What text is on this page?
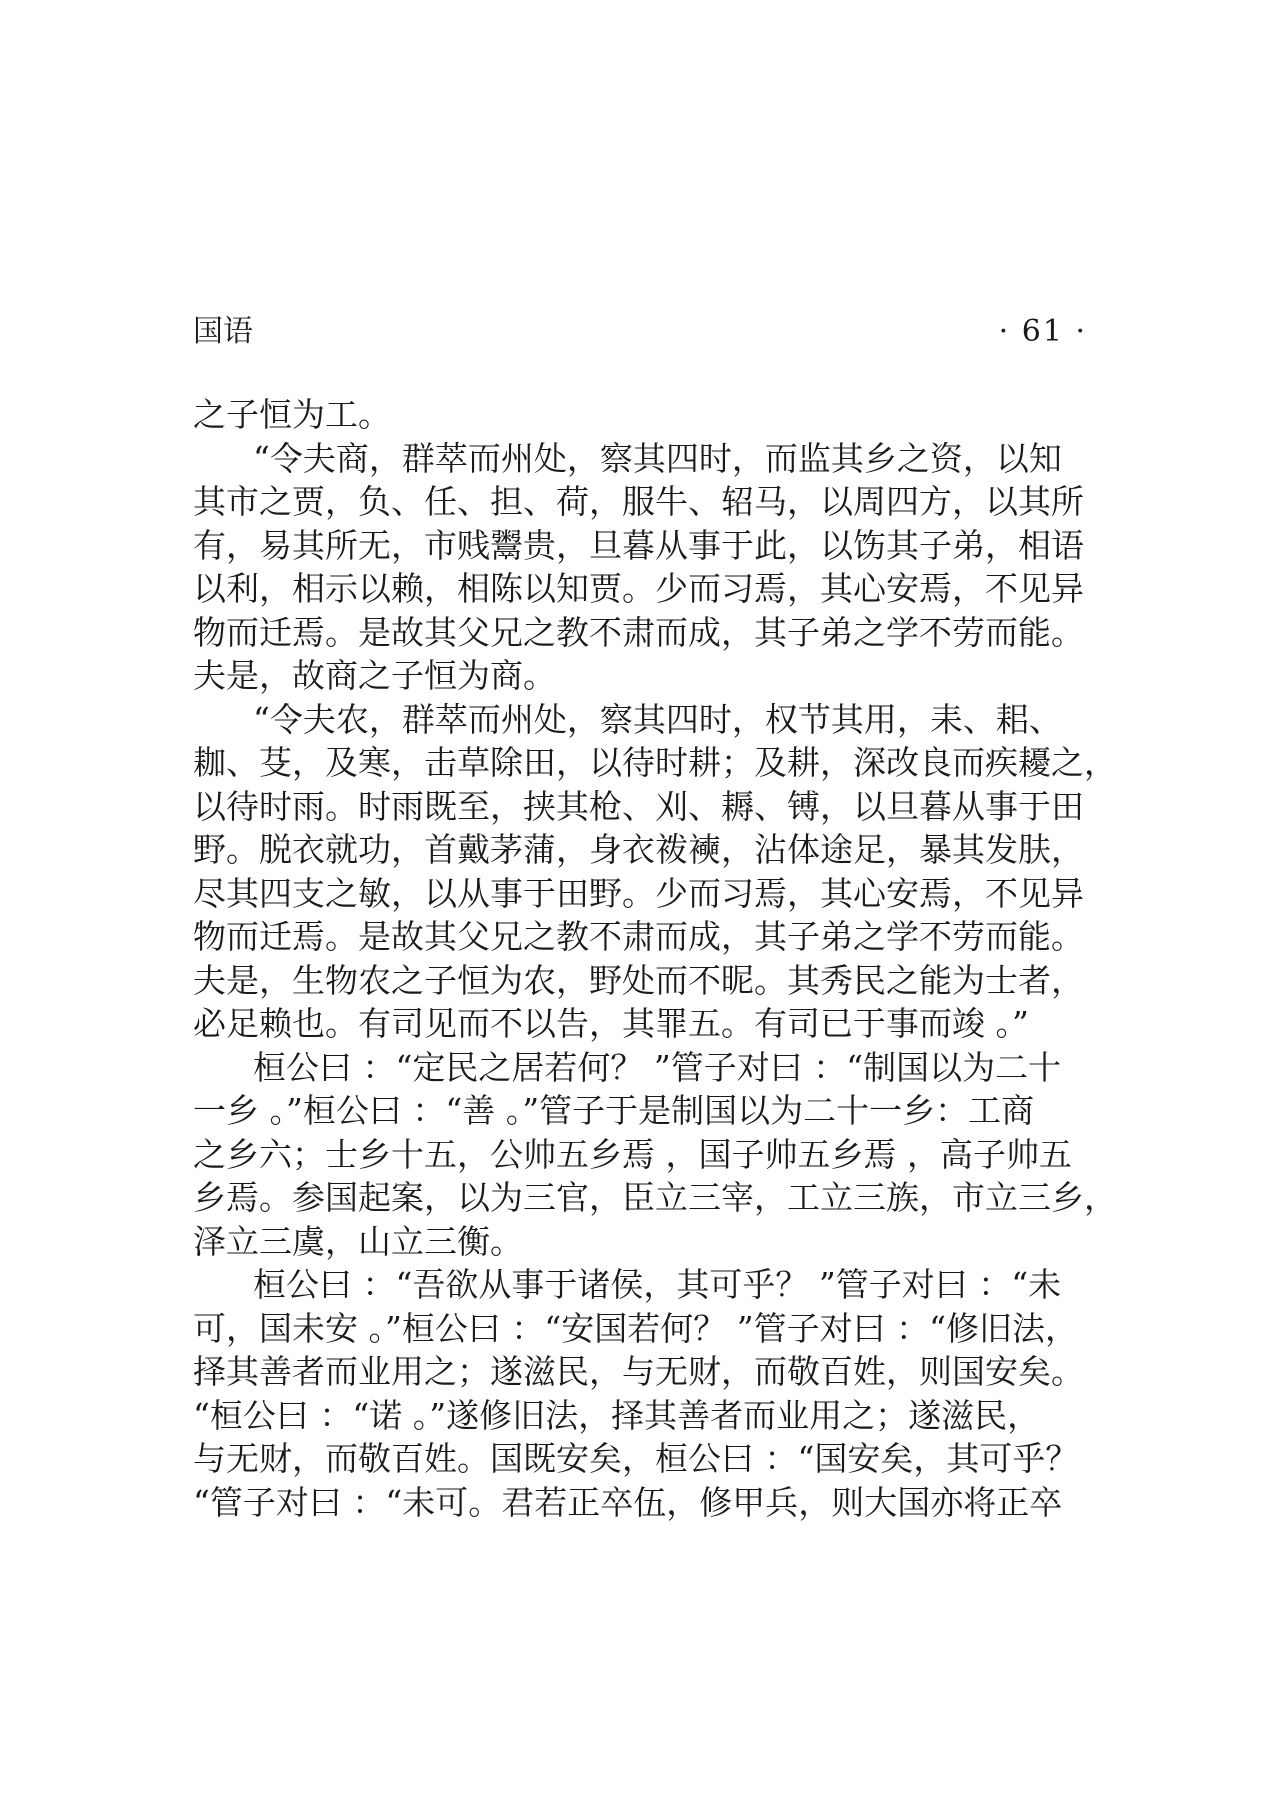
国语	· 61 ·
之子恒为工。
“令夫商，群萃而州处，察其四时，而监其乡之资，以知
其市之贾，负、任、担、荷，服牛、轺马，以周四方，以其所
有，易其所无，市贱鬻贵，旦暮从事于此，以饬其子弟，相语
以利，相示以赖，相陈以知贾。少而习焉，其心安焉，不见异
物而迁焉。是故其父兄之教不肃而成，其子弟之学不劳而能。
夫是，故商之子恒为商。
“令夫农，群萃而州处，察其四时，权节其用，耒、耜、
耞、芟，及寒，击草除田，以待时耕；及耕，深改良而疾耰之，
以待时雨。时雨既至，挟其枪、刈、耨、镈，以旦暮从事于田
野。脱衣就功，首戴茅蒲，身衣袯襫，沾体途足，暴其发肤，
尽其四支之敏，以从事于田野。少而习焉，其心安焉，不见异
物而迁焉。是故其父兄之教不肃而成，其子弟之学不劳而能。
夫是，生物农之子恒为农，野处而不昵。其秀民之能为士者，
必足赖也。有司见而不以告，其罪五。有司已于事而竣 。”
桓公曰 ：“定民之居若何？ ”管子对曰 ：“制国以为二十
一乡 。”桓公曰 ：“善 。”管子于是制国以为二十一乡：工商
之乡六；士乡十五，公帅五乡焉 ，国子帅五乡焉 ，高子帅五
乡焉。参国起案，以为三官，臣立三宰，工立三族，市立三乡，
泽立三虞，山立三衡。
桓公曰 ：“吾欲从事于诸侯，其可乎？ ”管子对曰 ：“未
可，国未安 。”桓公曰 ：“安国若何？ ”管子对曰 ：“修旧法，
择其善者而业用之；遂滋民，与无财，而敬百姓，则国安矣。
“桓公曰 ：“诺 。”遂修旧法，择其善者而业用之；遂滋民，
与无财，而敬百姓。国既安矣，桓公曰 ：“国安矣，其可乎？
“管子对曰 ：“未可。君若正卒伍，修甲兵，则大国亦将正卒
